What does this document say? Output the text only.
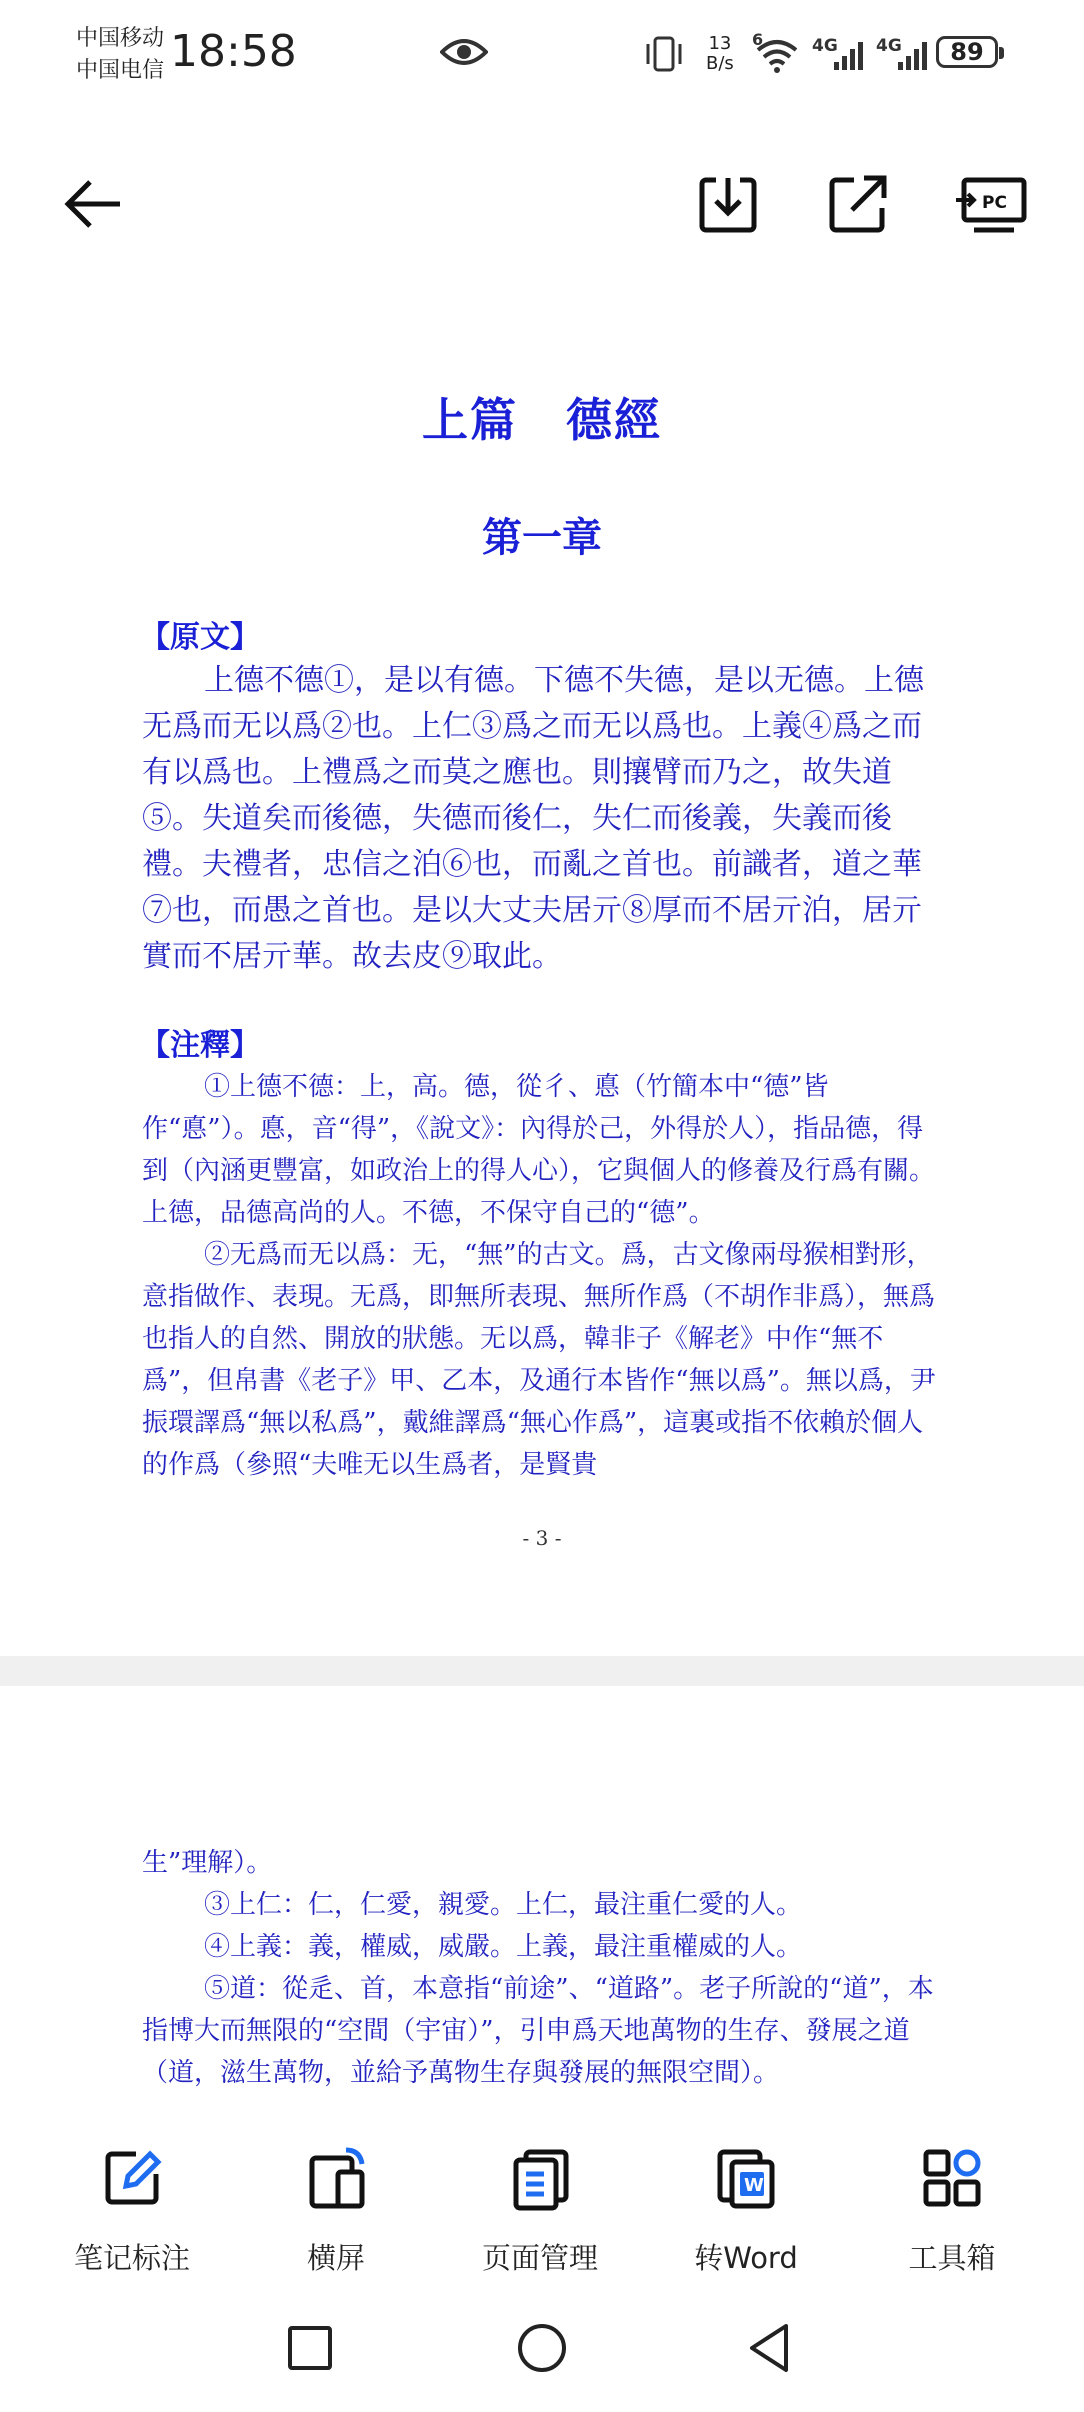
中国移动
中国电信 18:58	13
B/s
6	4G 4G	89
PC
上篇　德經
第一章
【原文】

上德不德①，是以有德。下德不失德，是以无德。上德无爲而无以爲②也。上仁③爲之而无以爲也。上義④爲之而有以爲也。上禮爲之而莫之應也。則攘臂而乃之，故失道⑤。失道矣而後德，失德而後仁，失仁而後義，失義而後禮。夫禮者，忠信之泊⑥也，而亂之首也。前識者，道之華⑦也，而愚之首也。是以大丈夫居亓⑧厚而不居亓泊，居亓實而不居亓華。故去皮⑨取此。

【注釋】

①上德不德：上，高。德，從彳、悳（竹簡本中“德”皆作“悳”）。悳，音“得”，《說文》：內得於己，外得於人），指品德，得到（內涵更豐富，如政治上的得人心），它與個人的修養及行爲有關。上德，品德高尚的人。不德，不保守自己的“德”。

②无爲而无以爲：无，“無”的古文。爲，古文像兩母猴相對形，意指做作、表現。无爲，即無所表現、無所作爲（不胡作非爲），無爲也指人的自然、開放的狀態。无以爲，韓非子《解老》中作“無不爲”，但帛書《老子》甲、乙本，及通行本皆作“無以爲”。無以爲，尹振環譯爲“無以私爲”，戴維譯爲“無心作爲”，這裏或指不依賴於個人的作爲（參照“夫唯无以生爲者，是賢貴

- 3 -

生”理解）。

③上仁：仁，仁愛，親愛。上仁，最注重仁愛的人。

④上義：義，權威，威嚴。上義，最注重權威的人。

⑤道：從辵、首，本意指“前途”、“道路”。老子所說的“道”，本指博大而無限的“空間（宇宙）”，引申爲天地萬物的生存、發展之道（道，滋生萬物，並給予萬物生存與發展的無限空間）。

笔记标注	横屏	页面管理
W
转Word	工具箱
